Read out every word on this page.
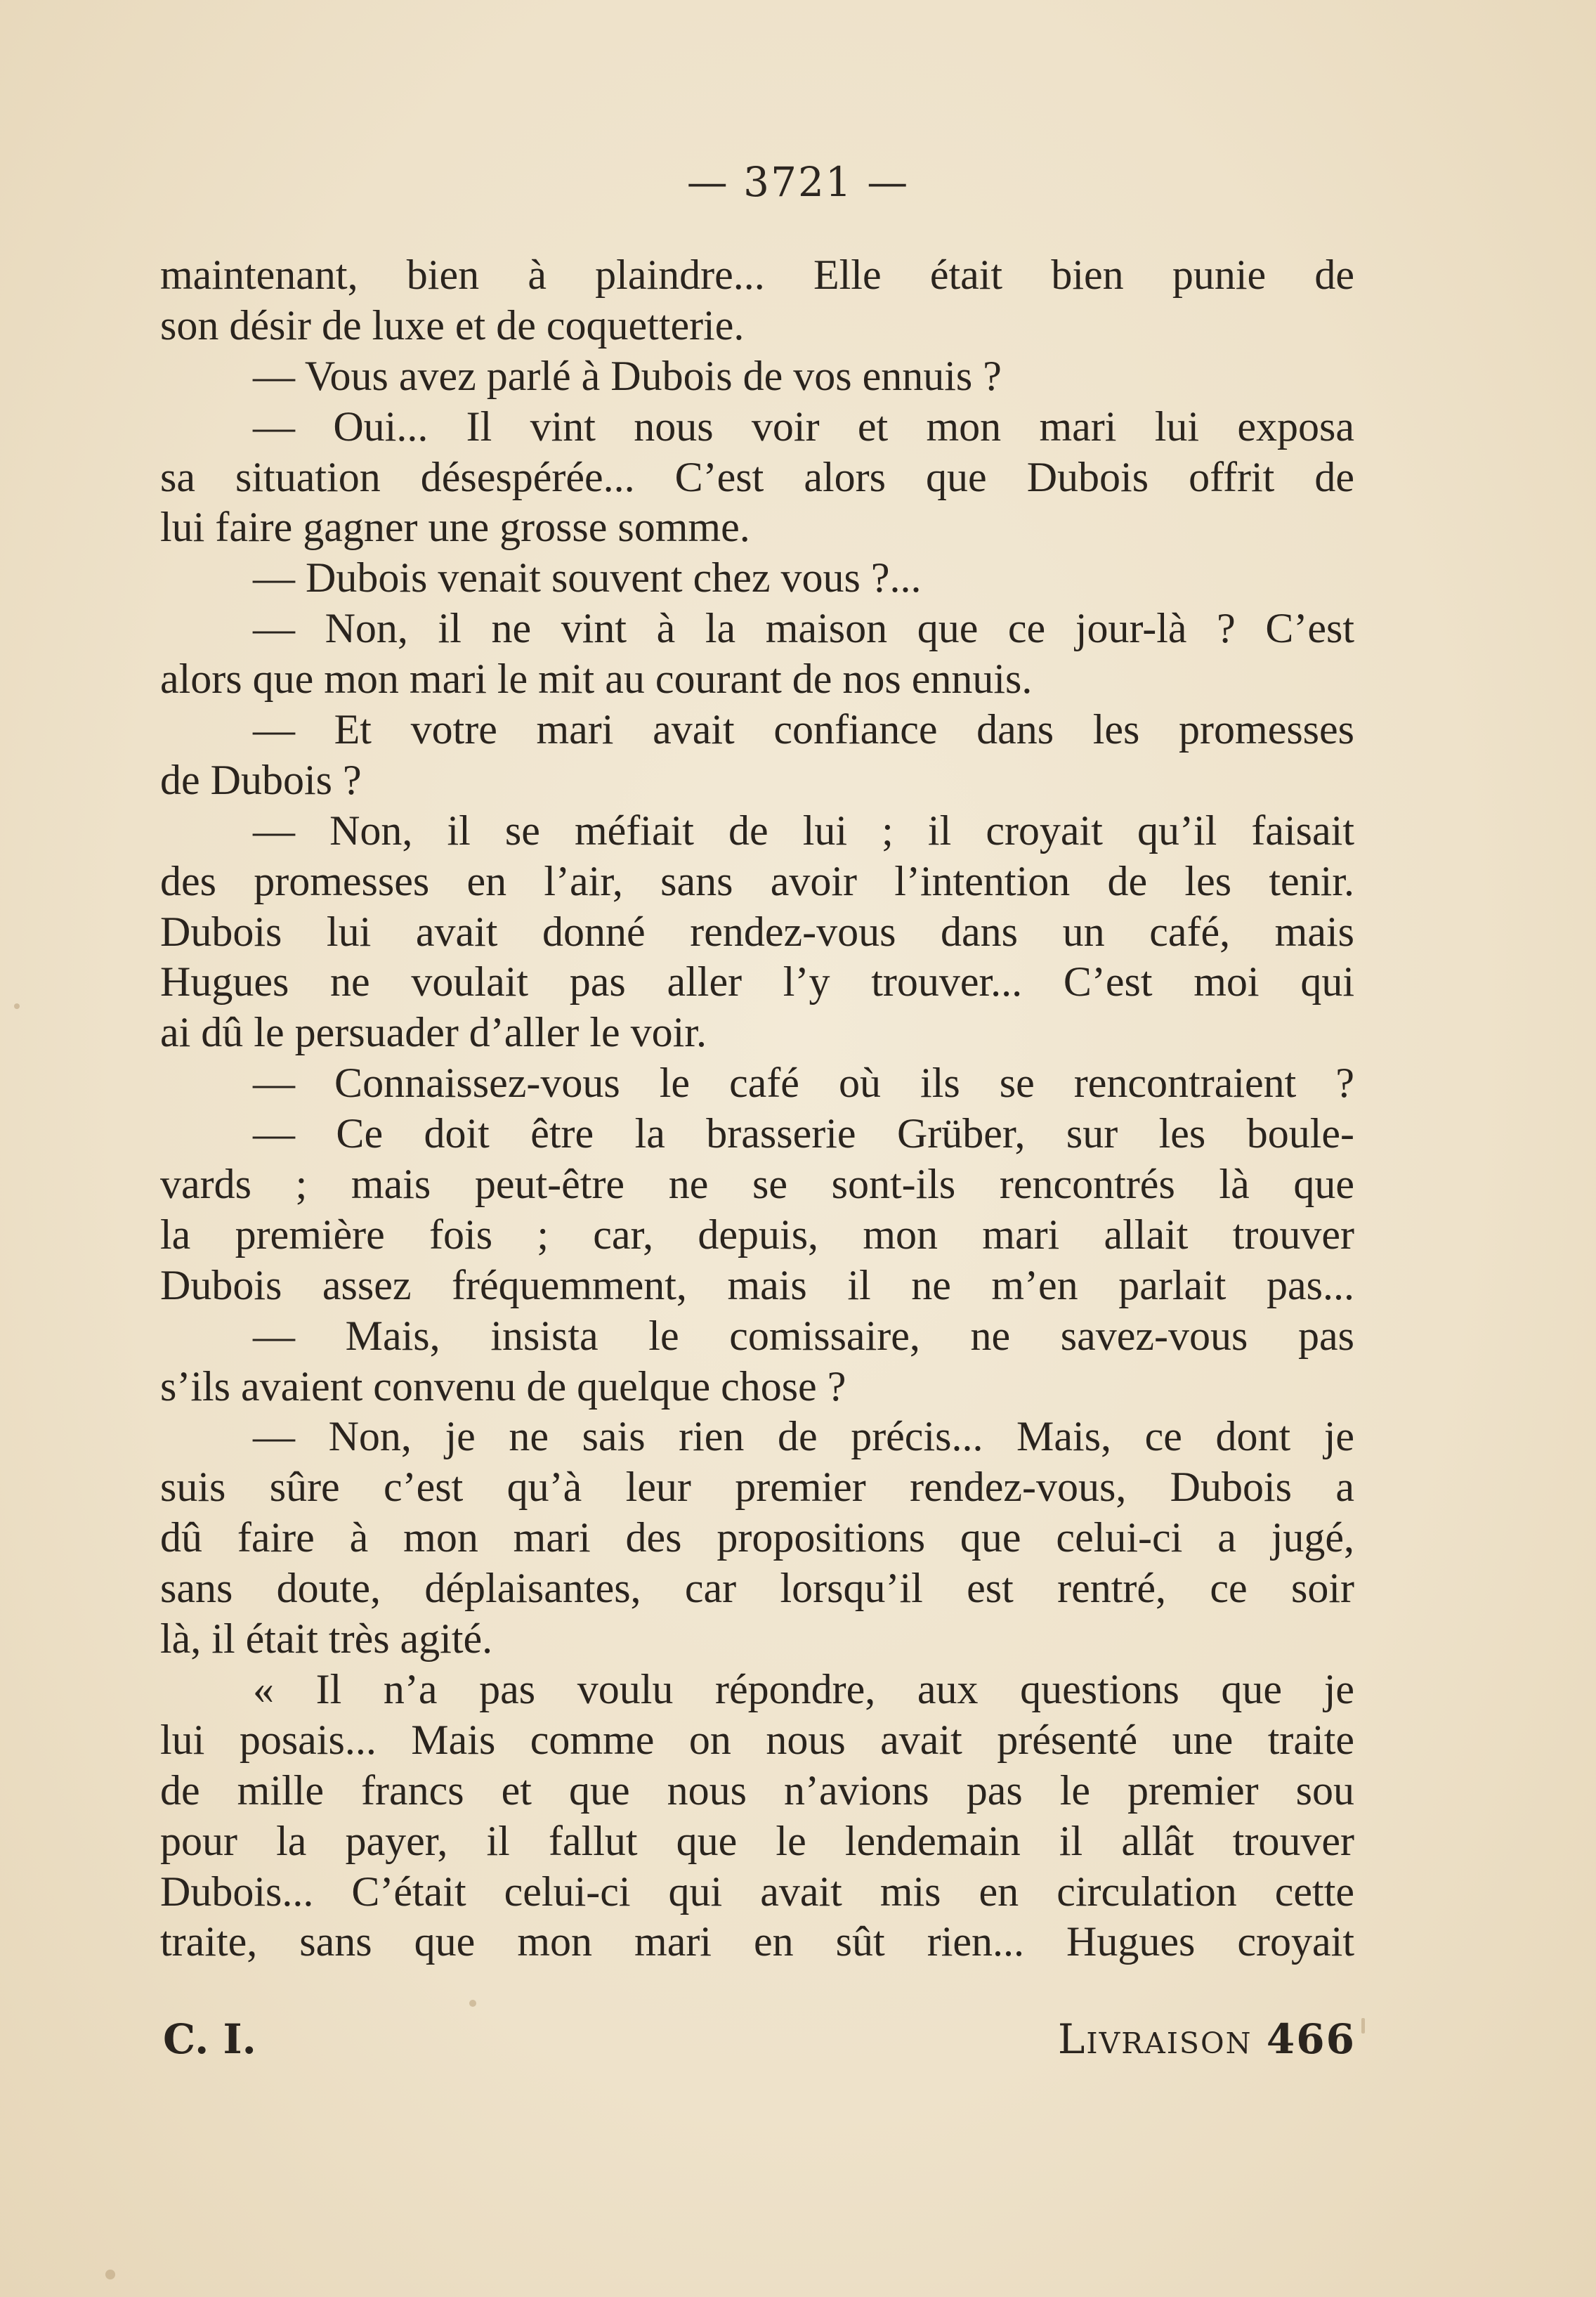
— 3721 —
maintenant, bien à plaindre... Elle était bien punie de
son désir de luxe et de coquetterie.
— Vous avez parlé à Dubois de vos ennuis ?
— Oui... Il vint nous voir et mon mari lui exposa
sa situation désespérée... C’est alors que Dubois offrit de
lui faire gagner une grosse somme.
— Dubois venait souvent chez vous ?...
— Non, il ne vint à la maison que ce jour-là ? C’est
alors que mon mari le mit au courant de nos ennuis.
— Et votre mari avait confiance dans les promesses
de Dubois ?
— Non, il se méfiait de lui ; il croyait qu’il faisait
des promesses en l’air, sans avoir l’intention de les tenir.
Dubois lui avait donné rendez-vous dans un café, mais
Hugues ne voulait pas aller l’y trouver... C’est moi qui
ai dû le persuader d’aller le voir.
— Connaissez-vous le café où ils se rencontraient ?
— Ce doit être la brasserie Grüber, sur les boule-
vards ; mais peut-être ne se sont-ils rencontrés là que
la première fois ; car, depuis, mon mari allait trouver
Dubois assez fréquemment, mais il ne m’en parlait pas...
— Mais, insista le comissaire, ne savez-vous pas
s’ils avaient convenu de quelque chose ?
— Non, je ne sais rien de précis... Mais, ce dont je
suis sûre c’est qu’à leur premier rendez-vous, Dubois a
dû faire à mon mari des propositions que celui-ci a jugé,
sans doute, déplaisantes, car lorsqu’il est rentré, ce soir
là, il était très agité.
« Il n’a pas voulu répondre, aux questions que je
lui posais... Mais comme on nous avait présenté une traite
de mille francs et que nous n’avions pas le premier sou
pour la payer, il fallut que le lendemain il allât trouver
Dubois... C’était celui-ci qui avait mis en circulation cette
traite, sans que mon mari en sût rien... Hugues croyait
C. I.	Livraison 466
